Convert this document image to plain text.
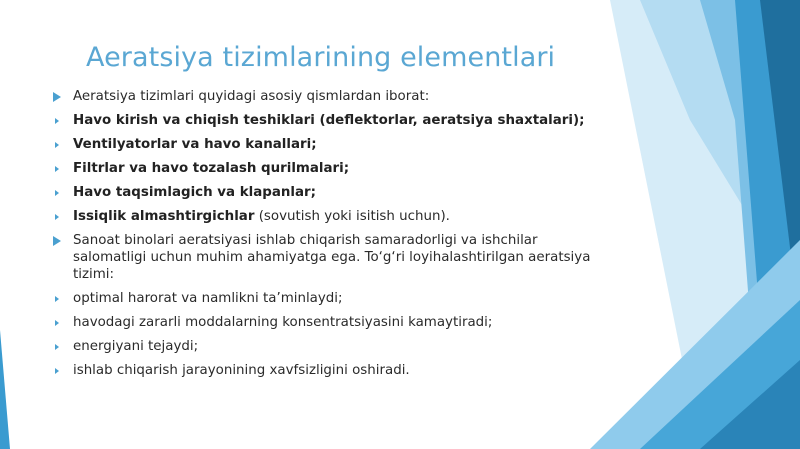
Aeratsiya tizimlarining elementlari
Aeratsiya tizimlari quyidagi asosiy qismlardan iborat:
Havo kirish va chiqish teshiklari (deflektorlar, aeratsiya shaxtalari);
Ventilyatorlar va havo kanallari;
Filtrlar va havo tozalash qurilmalari;
Havo taqsimlagich va klapanlar;
Issiqlik almashtirgichlar (sovutish yoki isitish uchun).
Sanoat binolari aeratsiyasi ishlab chiqarish samaradorligi va ishchilar salomatligi uchun muhim ahamiyatga ega. To‘g‘ri loyihalashtirilgan aeratsiya tizimi:
optimal harorat va namlikni ta’minlaydi;
havodagi zararli moddalarning konsentratsiyasini kamaytiradi;
energiyani tejaydi;
ishlab chiqarish jarayonining xavfsizligini oshiradi.
